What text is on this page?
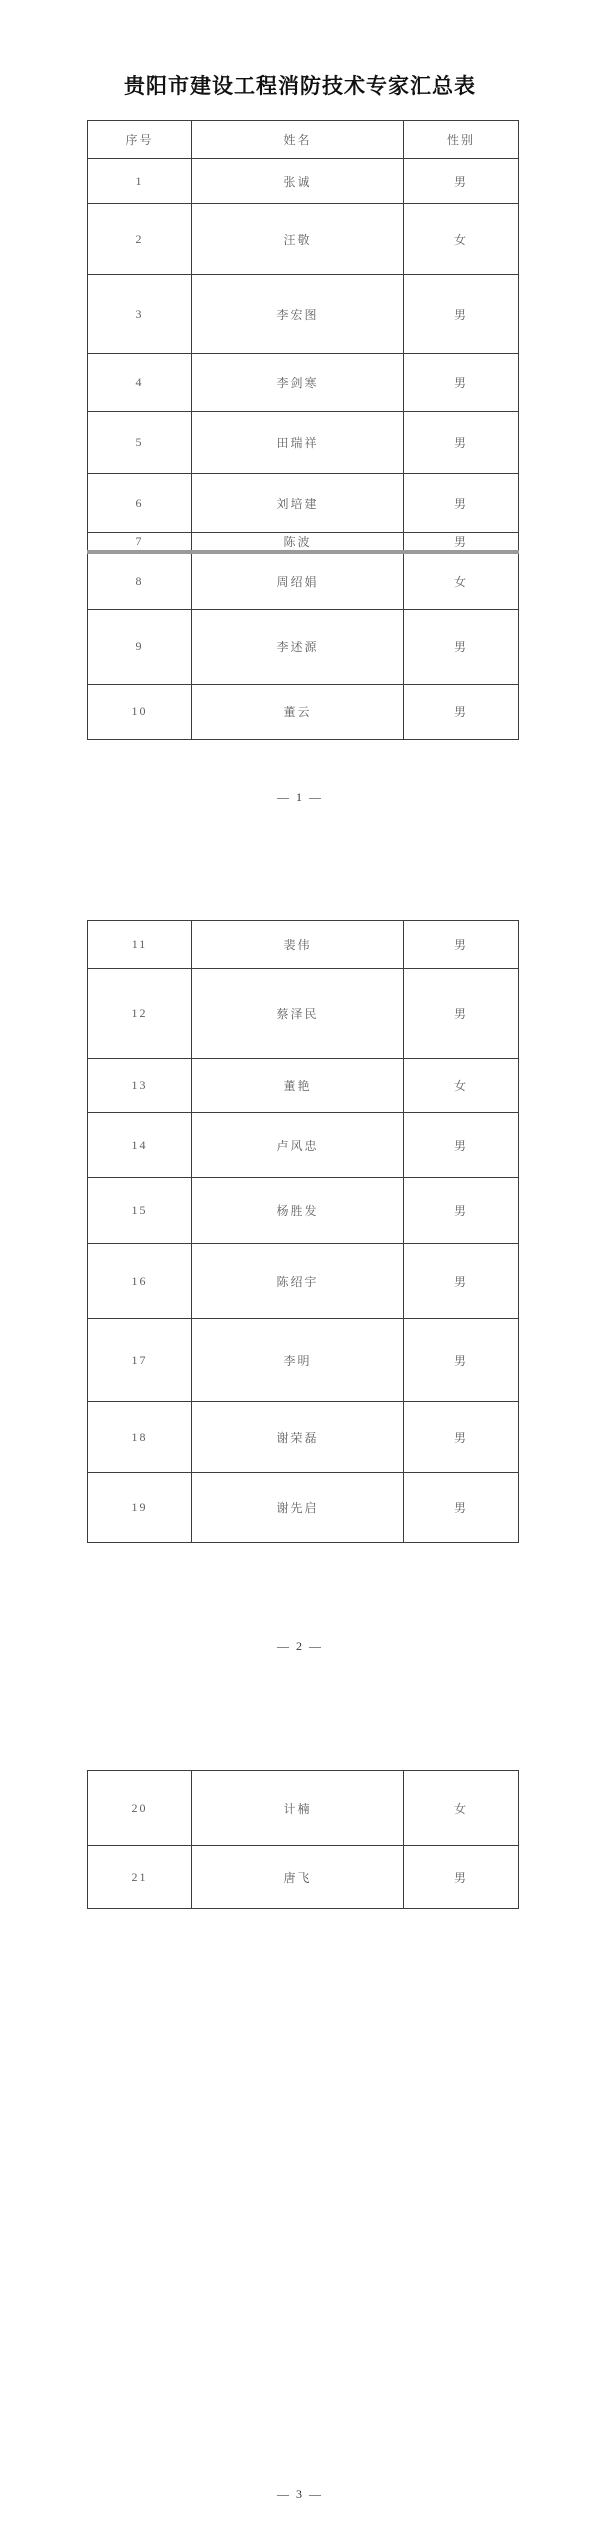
贵阳市建设工程消防技术专家汇总表
序号	姓名	性别
1	张诚	男
2	汪敬	女
3	李宏图	男
4	李剑寒	男
5	田瑞祥	男
6	刘培建	男
7	陈波	男
8	周绍娟	女
9	李述源	男
10	董云	男
— 1 —
11	裴伟	男
12	蔡泽民	男
13	董艳	女
14	卢风忠	男
15	杨胜发	男
16	陈绍宇	男
17	李明	男
18	谢荣磊	男
19	谢先启	男
— 2 —
20	计楠	女
21	唐飞	男
— 3 —
